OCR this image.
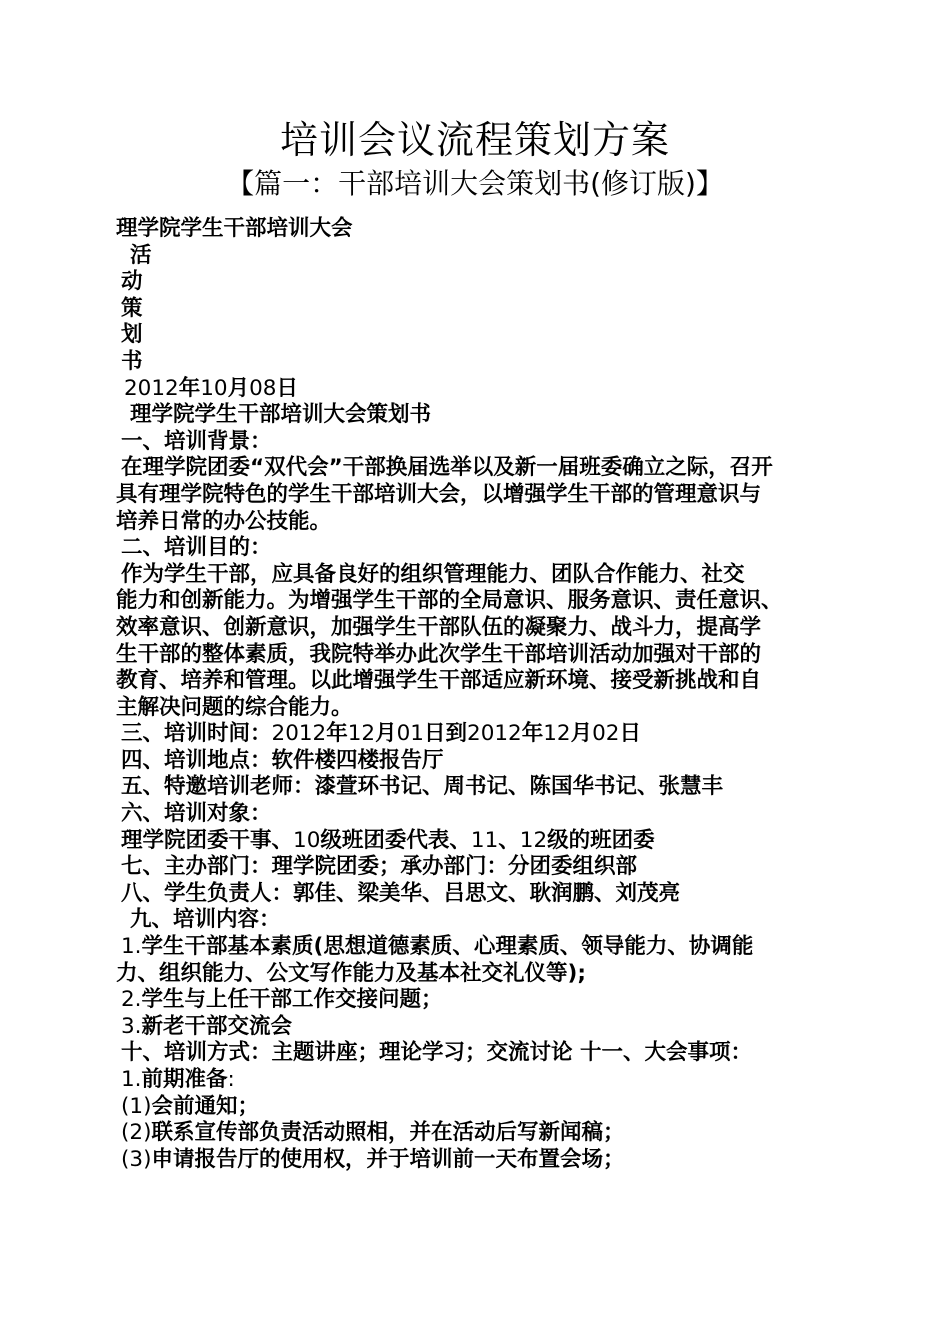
培训会议流程策划方案
【篇一：干部培训大会策划书(修订版)】
理学院学生干部培训大会
活
动
策
划
书
2012年10月08日
理学院学生干部培训大会策划书
一、培训背景：
在理学院团委“双代会”干部换届选举以及新一届班委确立之际，召开
具有理学院特色的学生干部培训大会，以增强学生干部的管理意识与
培养日常的办公技能。
二、培训目的：
作为学生干部，应具备良好的组织管理能力、团队合作能力、社交
能力和创新能力。为增强学生干部的全局意识、服务意识、责任意识、
效率意识、创新意识，加强学生干部队伍的凝聚力、战斗力，提高学
生干部的整体素质，我院特举办此次学生干部培训活动加强对干部的
教育、培养和管理。以此增强学生干部适应新环境、接受新挑战和自
主解决问题的综合能力。
三、培训时间：2012年12月01日到2012年12月02日
四、培训地点：软件楼四楼报告厅
五、特邀培训老师：漆萱环书记、周书记、陈国华书记、张慧丰
六、培训对象：
理学院团委干事、10级班团委代表、11、12级的班团委
七、主办部门：理学院团委；承办部门：分团委组织部
八、学生负责人：郭佳、梁美华、吕思文、耿润鹏、刘茂亮
九、培训内容：
1.学生干部基本素质(思想道德素质、心理素质、领导能力、协调能
力、组织能力、公文写作能力及基本社交礼仪等);
2.学生与上任干部工作交接问题；
3.新老干部交流会
十、培训方式：主题讲座；理论学习；交流讨论 十一、大会事项：
1.前期准备:
(1)会前通知；
(2)联系宣传部负责活动照相，并在活动后写新闻稿；
(3)申请报告厅的使用权，并于培训前一天布置会场；
